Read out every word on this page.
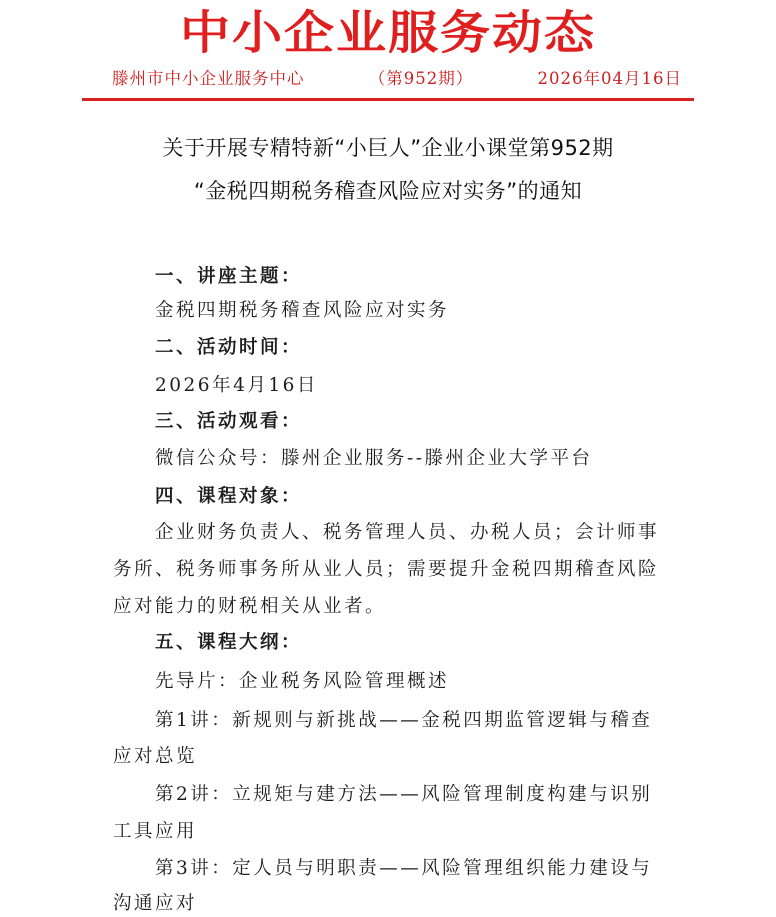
中小企业服务动态
滕州市中小企业服务中心	（第952期）	2026年04月16日
关于开展专精特新“小巨人”企业小课堂第952期
“金税四期税务稽查风险应对实务”的通知
一、讲座主题：
金税四期税务稽查风险应对实务
二、活动时间：
2026年4月16日
三、活动观看：
微信公众号：滕州企业服务--滕州企业大学平台
四、课程对象：
企业财务负责人、税务管理人员、办税人员；会计师事
务所、税务师事务所从业人员；需要提升金税四期稽查风险
应对能力的财税相关从业者。
五、课程大纲：
先导片：企业税务风险管理概述
第1讲：新规则与新挑战——金税四期监管逻辑与稽查
应对总览
第2讲：立规矩与建方法——风险管理制度构建与识别
工具应用
第3讲：定人员与明职责——风险管理组织能力建设与
沟通应对
